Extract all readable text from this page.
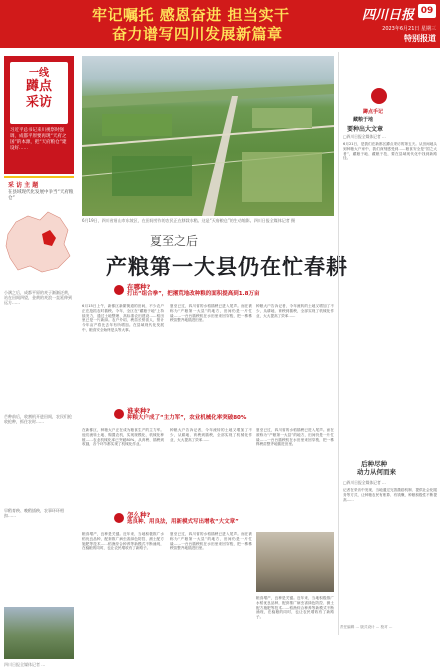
牢记嘱托 感恩奋进 担当实干
奋力谱写四川发展新篇章
四川日报 09
2023年6月21日 星期三
特别报道
一线
蹲点
采访
习近平总书记来川视察时强调，成都平原要再现“天府之国”的本源，把“天府粮仓”建设好……
采 访 主 题
在县域现代化发展中争当“天府粮仓”
小满之后，成都平原的麦子渐渐泛黄，站在田间四望，金黄的麦浪一直延伸到远方……
芒种前后，收割机开进田间，农民们抢收抢种，抓住农时……
早稻育秧、晚稻插秧，农事环环相扣……
四川日报全媒体记者 …
6月19日，四川省眉山市东坡区，在田间劳作的农民正在移栽水稻。这是“天府粮仓”的生动缩影。四川日报全媒体记者 摄
夏至之后
产粮第一大县仍在忙春耕
在哪种?
打出“组合拳”，把撂荒地改种粮的面积提高到1.8万亩
6月15日上午，新都区新繁街道的田间，不少农户正在抢抓农时插秧。今年，全区在“藏粮于地”上持续发力，通过土地整理、高标准农田建设……稻田里已是一片新绿。农户介绍，秧苗长势喜人，预计今年亩产将比去年有所增加。在县域现代化发展中，粮食安全始终是头等大事。
夏至已过，四川省的水稻插秧已进入尾声。而在被称为“产粮第一大县”的地方，田间仍是一片忙碌……一台台插秧机在水田里来回穿梭，把一株株秧苗整齐地插进田里。
种粮大户告诉记者，今年流转的土地又增加了不少，从耕地、育秧到插秧，全部实现了机械化作业，大大提高了效率……
谁来种?
种粮大户成了“主力军”，农业机械化率突破80%
在新都区，种粮大户正在成为粮食生产的主力军。他们流转土地、购置农机，实现规模化、机械化种植……农业机械化率已突破80%，从育秧、插秧到收割，各个环节都实现了机械化作业。
种粮大户告诉记者，今年流转的土地又增加了不少，从耕地、育秧到插秧，全部实现了机械化作业，大大提高了效率……
夏至已过，四川省的水稻插秧已进入尾声。而在被称为“产粮第一大县”的地方，田间仍是一片忙碌……一台台插秧机在水田里来回穿梭，把一株株秧苗整齐地插进田里。
怎么种?
选良种、用良法，用新模式写出增收“大文章”
粮食增产，良种是关键。近年来，当地积极推广水稻优良品种，配套推广病虫害绿色防控、测土配方施肥等技术……稻渔综合种养等新模式不断涌现，在稳粮的同时，也让农民增收有了新路子。
夏至已过，四川省的水稻插秧已进入尾声。而在被称为“产粮第一大县”的地方，田间仍是一片忙碌……一台台插秧机在水田里来回穿梭，把一株株秧苗整齐地插进田里。
粮食增产，良种是关键。近年来，当地积极推广水稻优良品种，配套推广病虫害绿色防控、测土配方施肥等技术……稻渔综合种养等新模式不断涌现，在稳粮的同时，也让农民增收有了新路子。
蹲点手记
藏粮于地
要种出大文章
□四川日报全媒体记者 …
6月21日，是我们在新都区蹲点采访的第五天。从田间地头到种粮大户家中，我们深刻感受到……粮食安全是“国之大者”，藏粮于地、藏粮于技，要在县域现代化中找到新路径。
后种尽种
动力从何而来
□四川日报全媒体记者 …
记者在采访中发现，当地通过完善激励机制、提供社会化服务等方式，让种粮农民有账算、有钱赚，种粮积极性不断提高……
责任编辑 … 版式设计 … 校对 …
